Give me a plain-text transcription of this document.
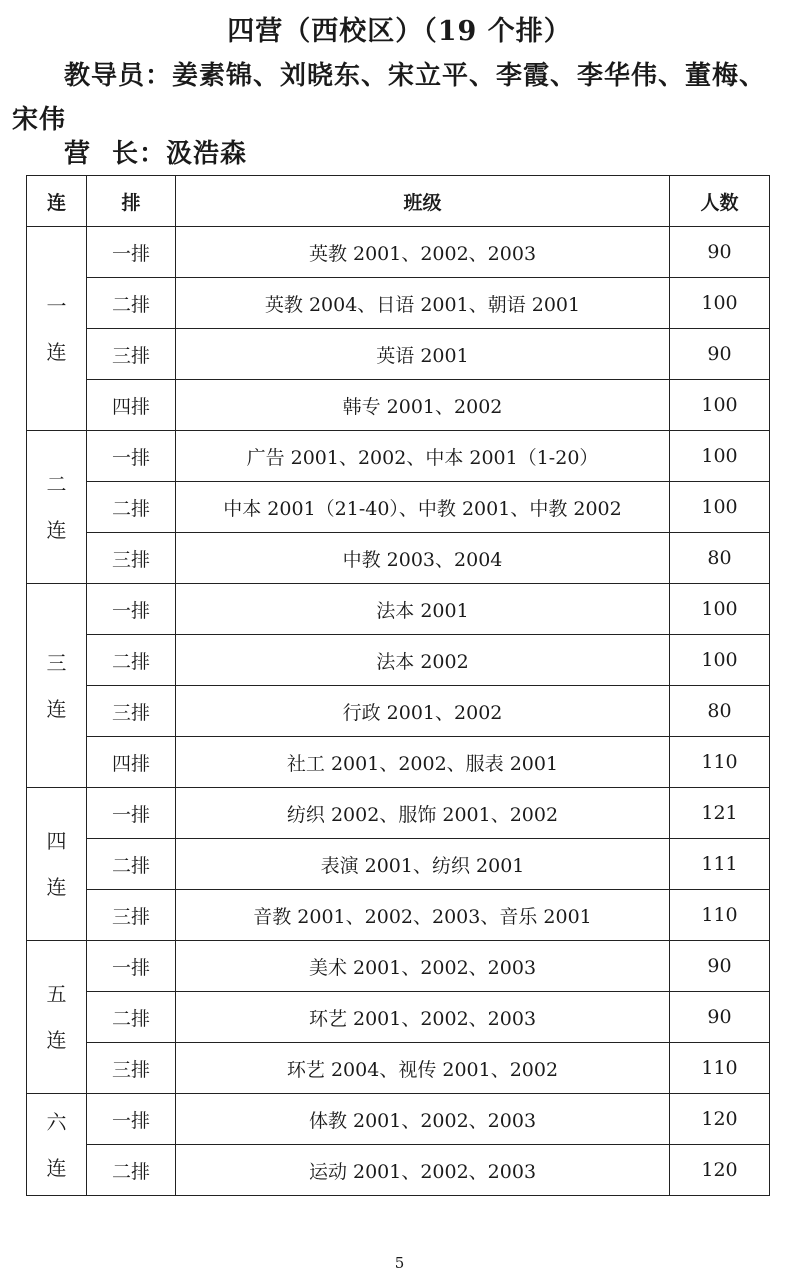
四营（西校区）（19 个排）
教导员：姜素锦、刘晓东、宋立平、李霞、李华伟、董梅、宋伟
营长：汲浩森
连	排	班级	人数
一连	一排	英教 2001、2002、2003	90
	二排	英教 2004、日语 2001、朝语 2001	100
	三排	英语 2001	90
	四排	韩专 2001、2002	100
二连	一排	广告 2001、2002、中本 2001（1-20）	100
	二排	中本 2001（21-40）、中教 2001、中教 2002	100
	三排	中教 2003、2004	80
三连	一排	法本 2001	100
	二排	法本 2002	100
	三排	行政 2001、2002	80
	四排	社工 2001、2002、服表 2001	110
四连	一排	纺织 2002、服饰 2001、2002	121
	二排	表演 2001、纺织 2001	111
	三排	音教 2001、2002、2003、音乐 2001	110
五连	一排	美术 2001、2002、2003	90
	二排	环艺 2001、2002、2003	90
	三排	环艺 2004、视传 2001、2002	110
六连	一排	体教 2001、2002、2003	120
	二排	运动 2001、2002、2003	120
5
